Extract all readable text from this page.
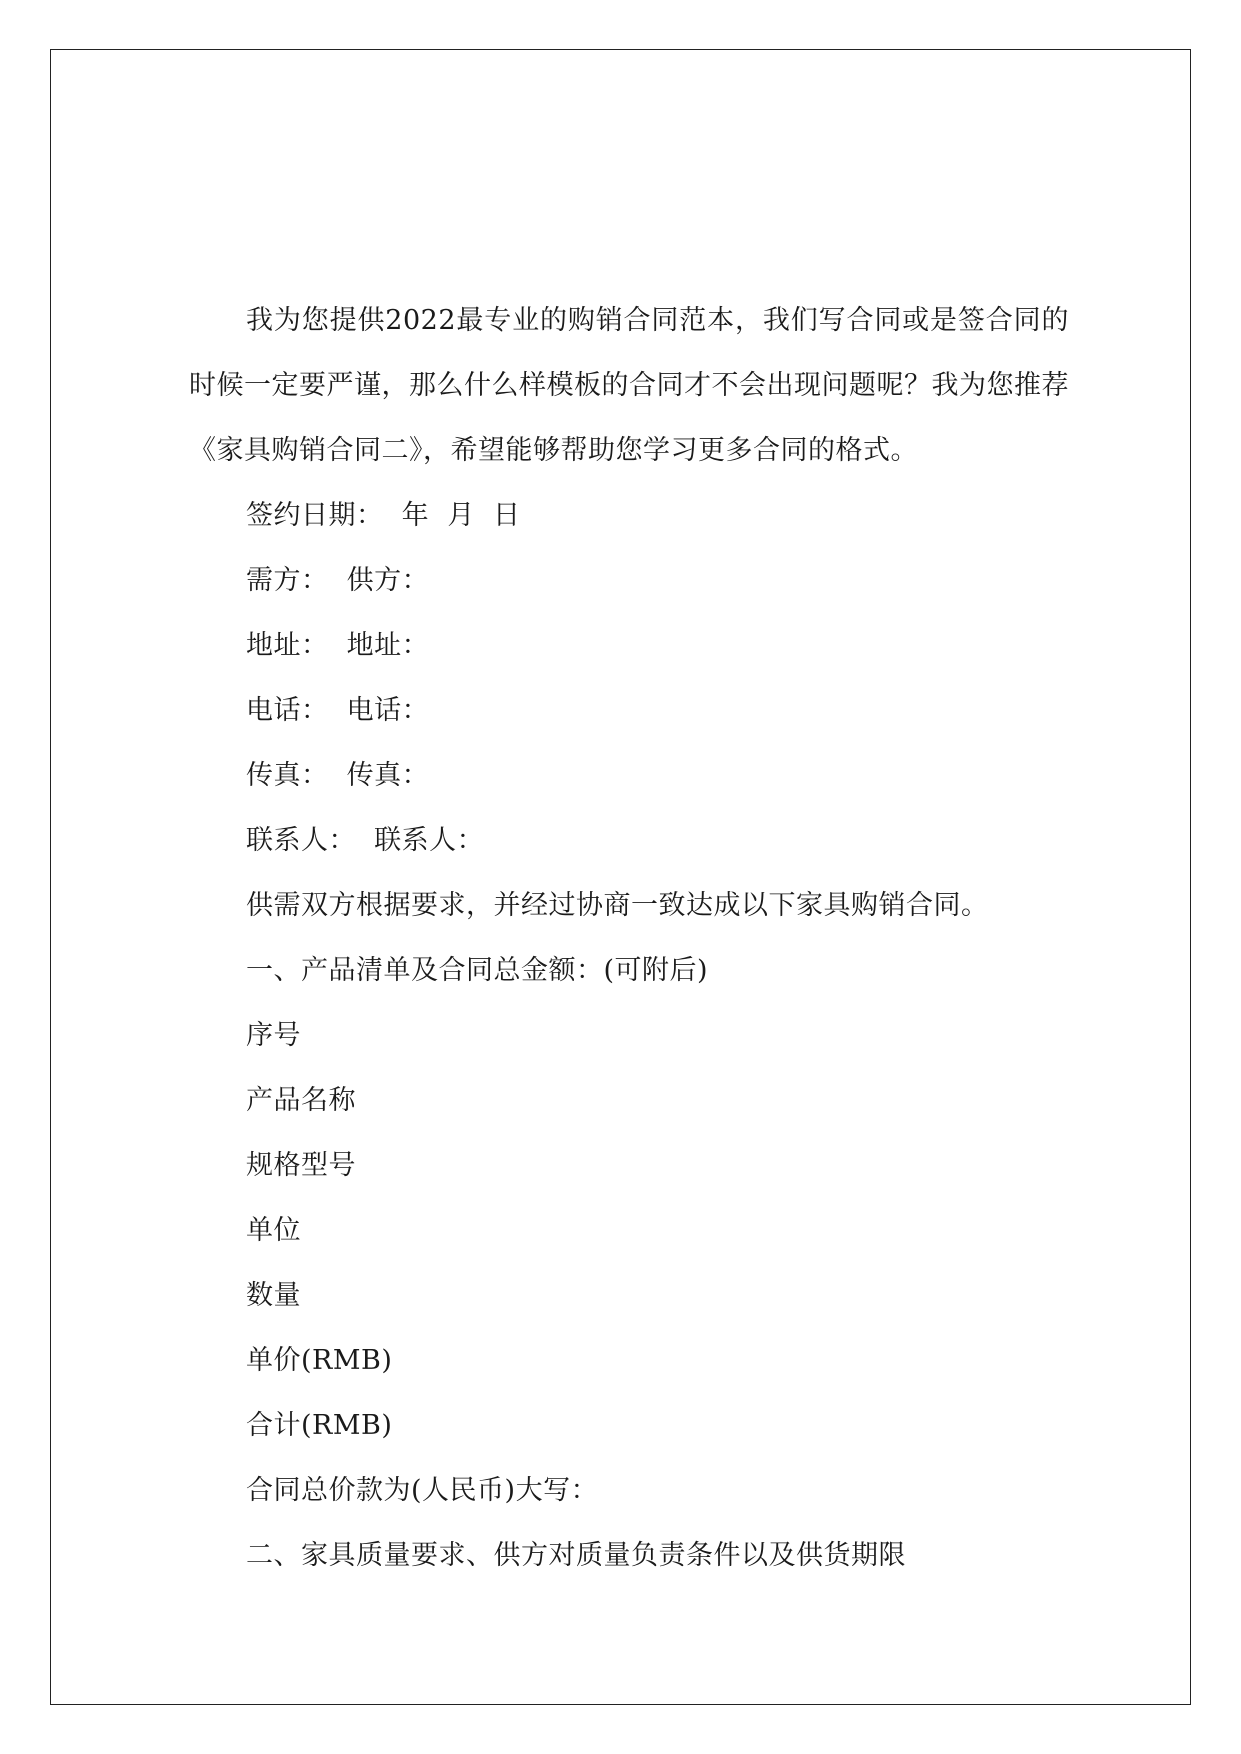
我为您提供2022最专业的购销合同范本，我们写合同或是签合同的时候一定要严谨，那么什么样模板的合同才不会出现问题呢？我为您推荐《家具购销合同二》，希望能够帮助您学习更多合同的格式。

签约日期：  年  月  日

需方：  供方：

地址：  地址：

电话：  电话：

传真：  传真：

联系人：  联系人：

供需双方根据要求，并经过协商一致达成以下家具购销合同。

一、产品清单及合同总金额：(可附后)

序号

产品名称

规格型号

单位

数量

单价(RMB)

合计(RMB)

合同总价款为(人民币)大写：

二、家具质量要求、供方对质量负责条件以及供货期限
